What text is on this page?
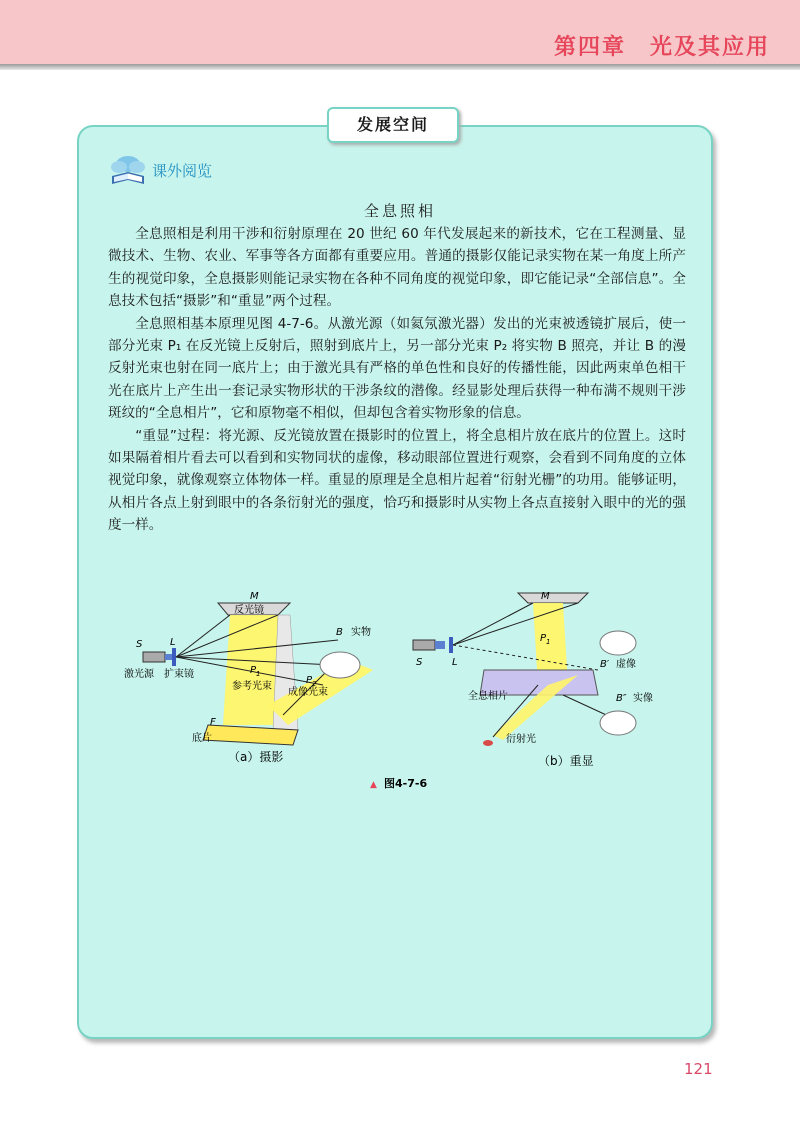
第四章　光及其应用
发展空间
课外阅览
全息照相

全息照相是利用干涉和衍射原理在 20 世纪 60 年代发展起来的新技术，它在工程测量、显微技术、生物、农业、军事等各方面都有重要应用。普通的摄影仅能记录实物在某一角度上所产生的视觉印象，全息摄影则能记录实物在各种不同角度的视觉印象，即它能记录“全部信息”。全息技术包括“摄影”和“重显”两个过程。

全息照相基本原理见图 4-7-6。从激光源（如氦氖激光器）发出的光束被透镜扩展后，使一部分光束 P₁ 在反光镜上反射后，照射到底片上，另一部分光束 P₂ 将实物 B 照亮，并让 B 的漫反射光束也射在同一底片上；由于激光具有严格的单色性和良好的传播性能，因此两束单色相干光在底片上产生出一套记录实物形状的干涉条纹的潜像。经显影处理后获得一种布满不规则干涉斑纹的“全息相片”，它和原物毫不相似，但却包含着实物形象的信息。

“重显”过程：将光源、反光镜放置在摄影时的位置上，将全息相片放在底片的位置上。这时如果隔着相片看去可以看到和实物同状的虚像，移动眼部位置进行观察，会看到不同角度的立体视觉印象，就像观察立体物体一样。重显的原理是全息相片起着“衍射光栅”的功用。能够证明，从相片各点上射到眼中的各条衍射光的强度，恰巧和摄影时从实物上各点直接射入眼中的光的强度一样。

M
反光镜
S	L
B 实物
激光源 扩束镜	$P_1$
参考光束
$P_2$
成像光束
F
底片
（a）摄影
M
$P_1$
S	L	B′ 虚像
全息相片	B″ 实像
衍射光
（b）重显
▲ 图4-7-6
121
